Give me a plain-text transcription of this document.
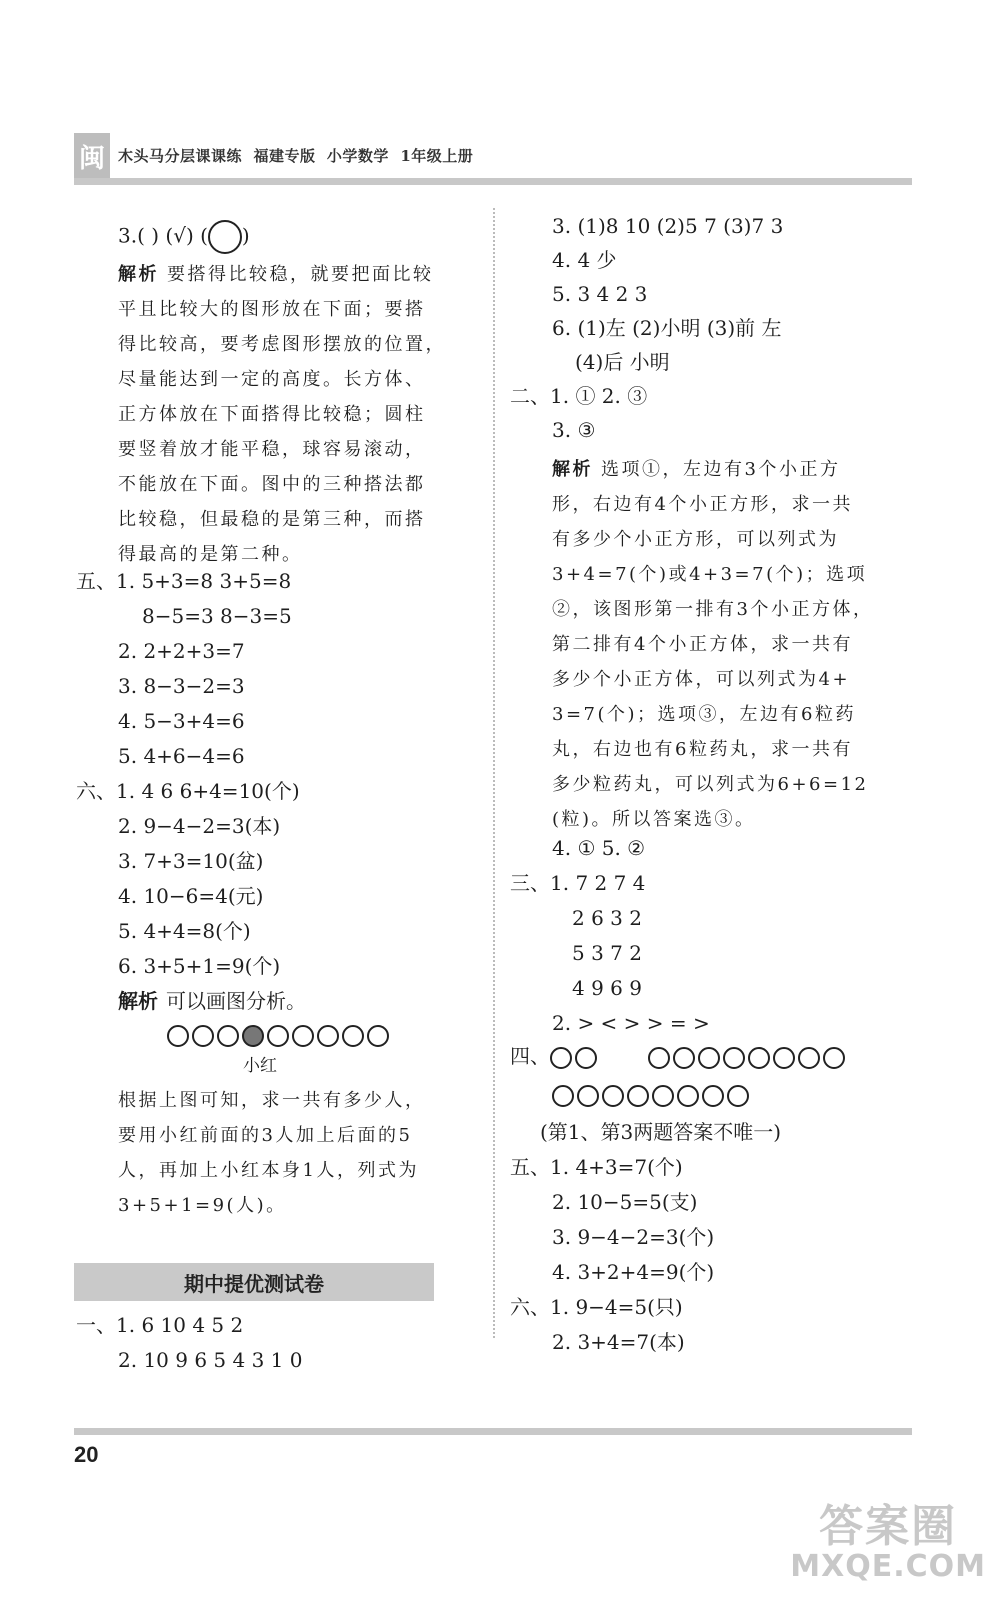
闽 木头马分层课课练  福建专版  小学数学  1年级上册
3.( ) (√) ( )
解析 要搭得比较稳，就要把面比较
平且比较大的图形放在下面；要搭
得比较高，要考虑图形摆放的位置，
尽量能达到一定的高度。长方体、
正方体放在下面搭得比较稳；圆柱
要竖着放才能平稳，球容易滚动，
不能放在下面。图中的三种搭法都
比较稳，但最稳的是第三种，而搭
得最高的是第二种。
五、1. 5+3=8 3+5=8
8−5=3 8−3=5
2. 2+2+3=7
3. 8−3−2=3
4. 5−3+4=6
5. 4+6−4=6
六、1. 4 6 6+4=10(个)
2. 9−4−2=3(本)
3. 7+3=10(盆)
4. 10−6=4(元)
5. 4+4=8(个)
6. 3+5+1=9(个)
解析 可以画图分析。
小红
根据上图可知，求一共有多少人，
要用小红前面的3人加上后面的5
人，再加上小红本身1人，列式为
3+5+1=9(人)。
期中提优测试卷
一、1. 6 10 4 5 2
2. 10 9 6 5 4 3 1 0
3. (1)8 10 (2)5 7 (3)7 3
4. 4 少
5. 3 4 2 3
6. (1)左 (2)小明 (3)前 左
(4)后 小明
二、1. ① 2. ③
3. ③
解析 选项①，左边有3个小正方
形，右边有4个小正方形，求一共
有多少个小正方形，可以列式为
3+4=7(个)或4+3=7(个)；选项
②，该图形第一排有3个小正方体，
第二排有4个小正方体，求一共有
多少个小正方体，可以列式为4+
3=7(个)；选项③，左边有6粒药
丸，右边也有6粒药丸，求一共有
多少粒药丸，可以列式为6+6=12
(粒)。所以答案选③。
4. ① 5. ②
三、1. 7 2 7 4
2 6 3 2
5 3 7 2
4 9 6 9
2. > < > > = >
四、
(第1、第3两题答案不唯一)
五、1. 4+3=7(个)
2. 10−5=5(支)
3. 9−4−2=3(个)
4. 3+2+4=9(个)
六、1. 9−4=5(只)
2. 3+4=7(本)
20
答案圈
MXQE.COM
